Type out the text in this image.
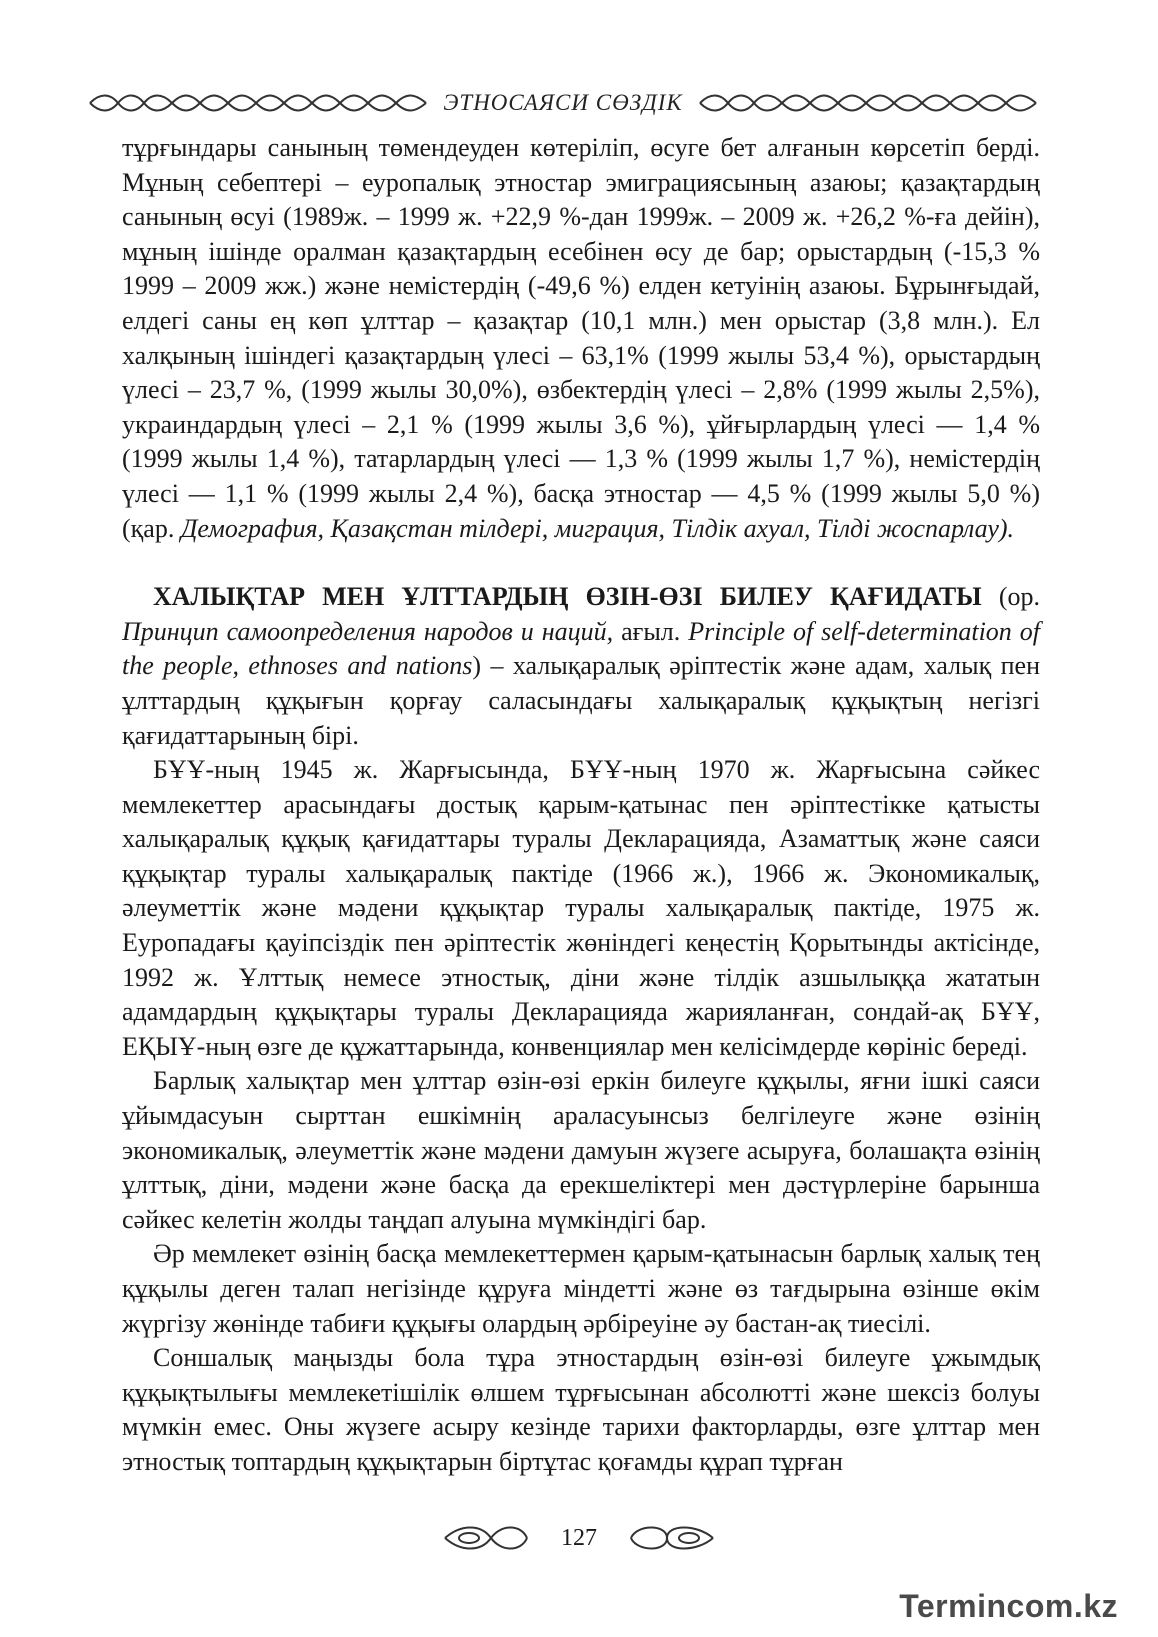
ЭТНОСАЯСИ СӨЗДІК

тұрғындары санының төмендеуден көтеріліп, өсуге бет алғанын көрсетіп берді. Мұның себептері – еуропалық этностар эмиграциясының азаюы; қазақтардың санының өсуі (1989ж. – 1999 ж. +22,9 %-дан 1999ж. – 2009 ж. +26,2 %-ға дейін), мұның ішінде оралман қазақтардың есебінен өсу де бар; орыстардың (-15,3 % 1999 – 2009 жж.) және немістердің (-49,6 %) елден кетуінің азаюы. Бұрынғыдай, елдегі саны ең көп ұлттар – қазақтар (10,1 млн.) мен орыстар (3,8 млн.). Ел халқының ішіндегі қазақтардың үлесі – 63,1% (1999 жылы 53,4 %), орыстардың үлесі – 23,7 %, (1999 жылы 30,0%), өзбектердің үлесі – 2,8% (1999 жылы 2,5%), украиндардың үлесі – 2,1 % (1999 жылы 3,6 %), ұйғырлардың үлесі — 1,4 % (1999 жылы 1,4 %), татарлардың үлесі — 1,3 % (1999 жылы 1,7 %), немістердің үлесі — 1,1 % (1999 жылы 2,4 %), басқа этностар — 4,5 % (1999 жылы 5,0 %) (қар. Демография, Қазақстан тілдері, миграция, Тілдік ахуал, Тілді жоспарлау).

ХАЛЫҚТАР МЕН ҰЛТТАРДЫҢ ӨЗІН-ӨЗІ БИЛЕУ ҚАҒИДАТЫ (ор. Принцип самоопределения народов и наций, ағыл. Principle of self-determination of the people, ethnoses and nations) – халықаралық әріптестік және адам, халық пен ұлттардың құқығын қорғау саласындағы халықаралық құқықтың негізгі қағидаттарының бірі.

БҰҰ-ның 1945 ж. Жарғысында, БҰҰ-ның 1970 ж. Жарғысына сәйкес мемлекеттер арасындағы достық қарым-қатынас пен әріптестікке қатысты халықаралық құқық қағидаттары туралы Декларацияда, Азаматтық және саяси құқықтар туралы халықаралық пактіде (1966 ж.), 1966 ж. Экономикалық, әлеуметтік және мәдени құқықтар туралы халықаралық пактіде, 1975 ж. Еуропадағы қауіпсіздік пен әріптестік жөніндегі кеңестің Қорытынды актісінде, 1992 ж. Ұлттық немесе этностық, діни және тілдік азшылыққа жататын адамдардың құқықтары туралы Декларацияда жарияланған, сондай-ақ БҰҰ, ЕҚЫҰ-ның өзге де құжаттарында, конвенциялар мен келісімдерде көрініс береді.

Барлық халықтар мен ұлттар өзін-өзі еркін билеуге құқылы, яғни ішкі саяси ұйымдасуын сырттан ешкімнің араласуынсыз белгілеуге және өзінің экономикалық, әлеуметтік және мәдени дамуын жүзеге асыруға, болашақта өзінің ұлттық, діни, мәдени және басқа да ерекшеліктері мен дәстүрлеріне барынша сәйкес келетін жолды таңдап алуына мүмкіндігі бар.

Әр мемлекет өзінің басқа мемлекеттермен қарым-қатынасын барлық халық тең құқылы деген талап негізінде құруға міндетті және өз тағдырына өзінше өкім жүргізу жөнінде табиғи құқығы олардың әрбіреуіне әу бастан-ақ тиесілі.

Соншалық маңызды бола тұра этностардың өзін-өзі билеуге ұжымдық құқықтылығы мемлекетішілік өлшем тұрғысынан абсолютті және шексіз болуы мүмкін емес. Оны жүзеге асыру кезінде тарихи факторларды, өзге ұлттар мен этностық топтардың құқықтарын біртұтас қоғамды құрап тұрған

127
Termincom.kz
